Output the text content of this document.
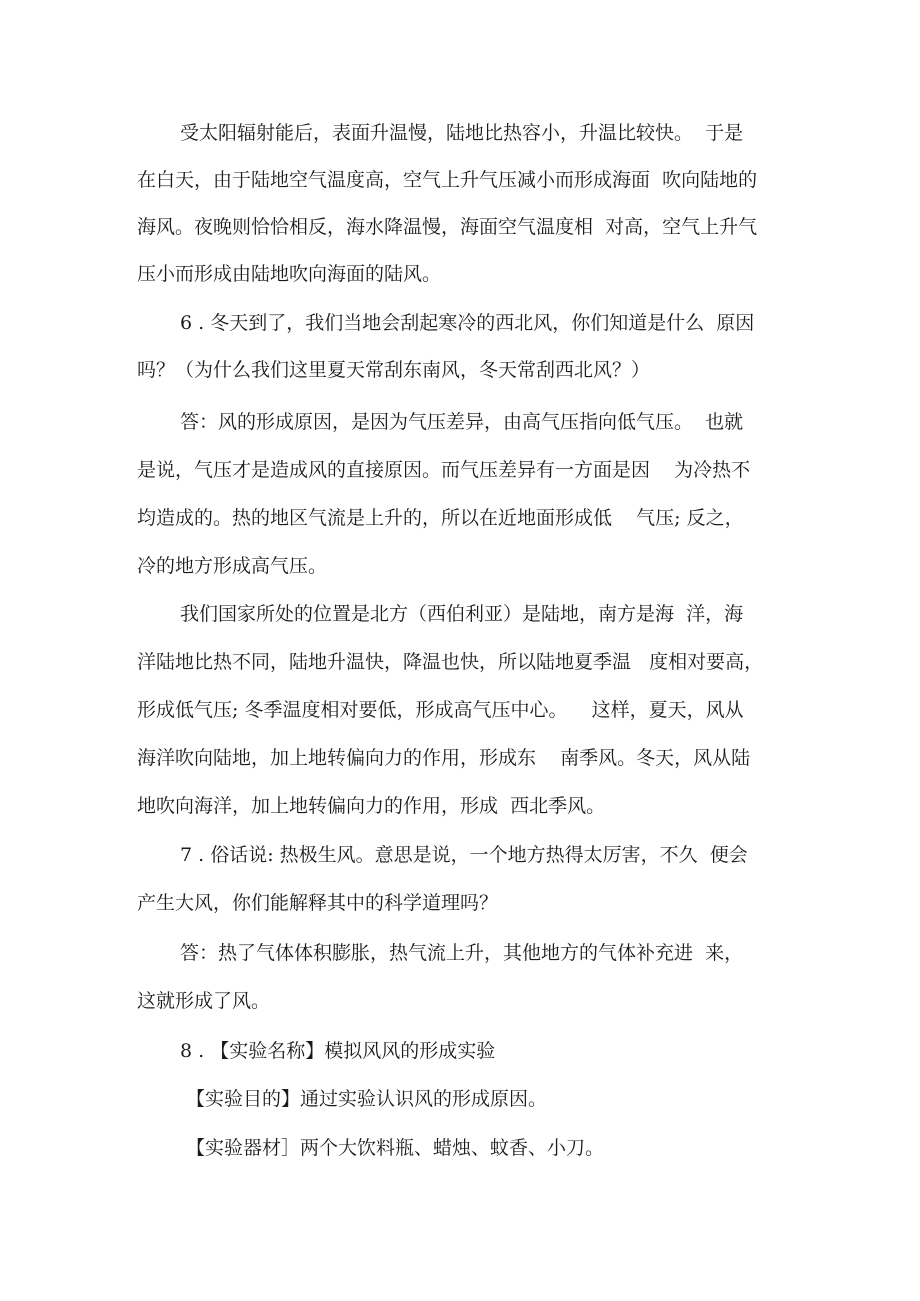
受太阳辐射能后，表面升温慢，陆地比热容小，升温比较快。  于是
在白天，由于陆地空气温度高，空气上升气压减小而形成海面  吹向陆地的
海风。夜晚则恰恰相反，海水降温慢，海面空气温度相  对高，空气上升气
压小而形成由陆地吹向海面的陆风。
6 . 冬天到了，我们当地会刮起寒冷的西北风，你们知道是什么  原因
吗？（为什么我们这里夏天常刮东南风，冬天常刮西北风？）
答：风的形成原因，是因为气压差异，由高气压指向低气压。  也就
是说，气压才是造成风的直接原因。而气压差异有一方面是因    为冷热不
均造成的。热的地区气流是上升的，所以在近地面形成低    气压; 反之，
冷的地方形成高气压。
我们国家所处的位置是北方（西伯利亚）是陆地，南方是海  洋，海
洋陆地比热不同，陆地升温快，降温也快，所以陆地夏季温   度相对要高，
形成低气压; 冬季温度相对要低，形成高气压中心。    这样，夏天，风从
海洋吹向陆地，加上地转偏向力的作用，形成东    南季风。冬天，风从陆
地吹向海洋，加上地转偏向力的作用，形成  西北季风。
7 . 俗话说: 热极生风。意思是说，一个地方热得太厉害，不久  便会
产生大风，你们能解释其中的科学道理吗？
答：热了气体体积膨胀，热气流上升，其他地方的气体补充进  来，
这就形成了风。
8 . 【实验名称】模拟风风的形成实验
【实验目的】通过实验认识风的形成原因。
【实验器材］两个大饮料瓶、蜡烛、蚊香、小刀。
